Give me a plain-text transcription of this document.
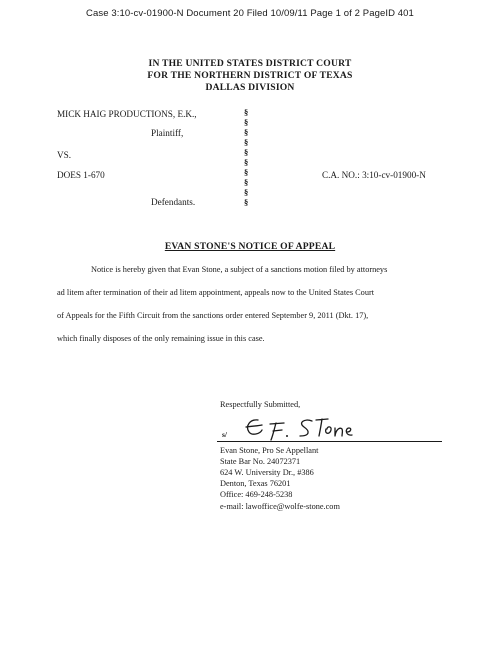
Case 3:10-cv-01900-N Document 20 Filed 10/09/11 Page 1 of 2 PageID 401
IN THE UNITED STATES DISTRICT COURT
FOR THE NORTHERN DISTRICT OF TEXAS
DALLAS DIVISION
MICK HAIG PRODUCTIONS, E.K.,
Plaintiff,
VS.
DOES 1-670
Defendants.
C.A. NO.: 3:10-cv-01900-N
§
§
§
§
§
§
§
§
§
§
EVAN STONE'S NOTICE OF APPEAL
Notice is hereby given that Evan Stone, a subject of a sanctions motion filed by attorneys
ad litem after termination of their ad litem appointment, appeals now to the United States Court
of Appeals for the Fifth Circuit from the sanctions order entered September 9, 2011 (Dkt. 17),
which finally disposes of the only remaining issue in this case.
Respectfully Submitted,
s/
Evan Stone, Pro Se Appellant
State Bar No. 24072371
624 W. University Dr., #386
Denton, Texas 76201
Office: 469-248-5238
e-mail: lawoffice@wolfe-stone.com
